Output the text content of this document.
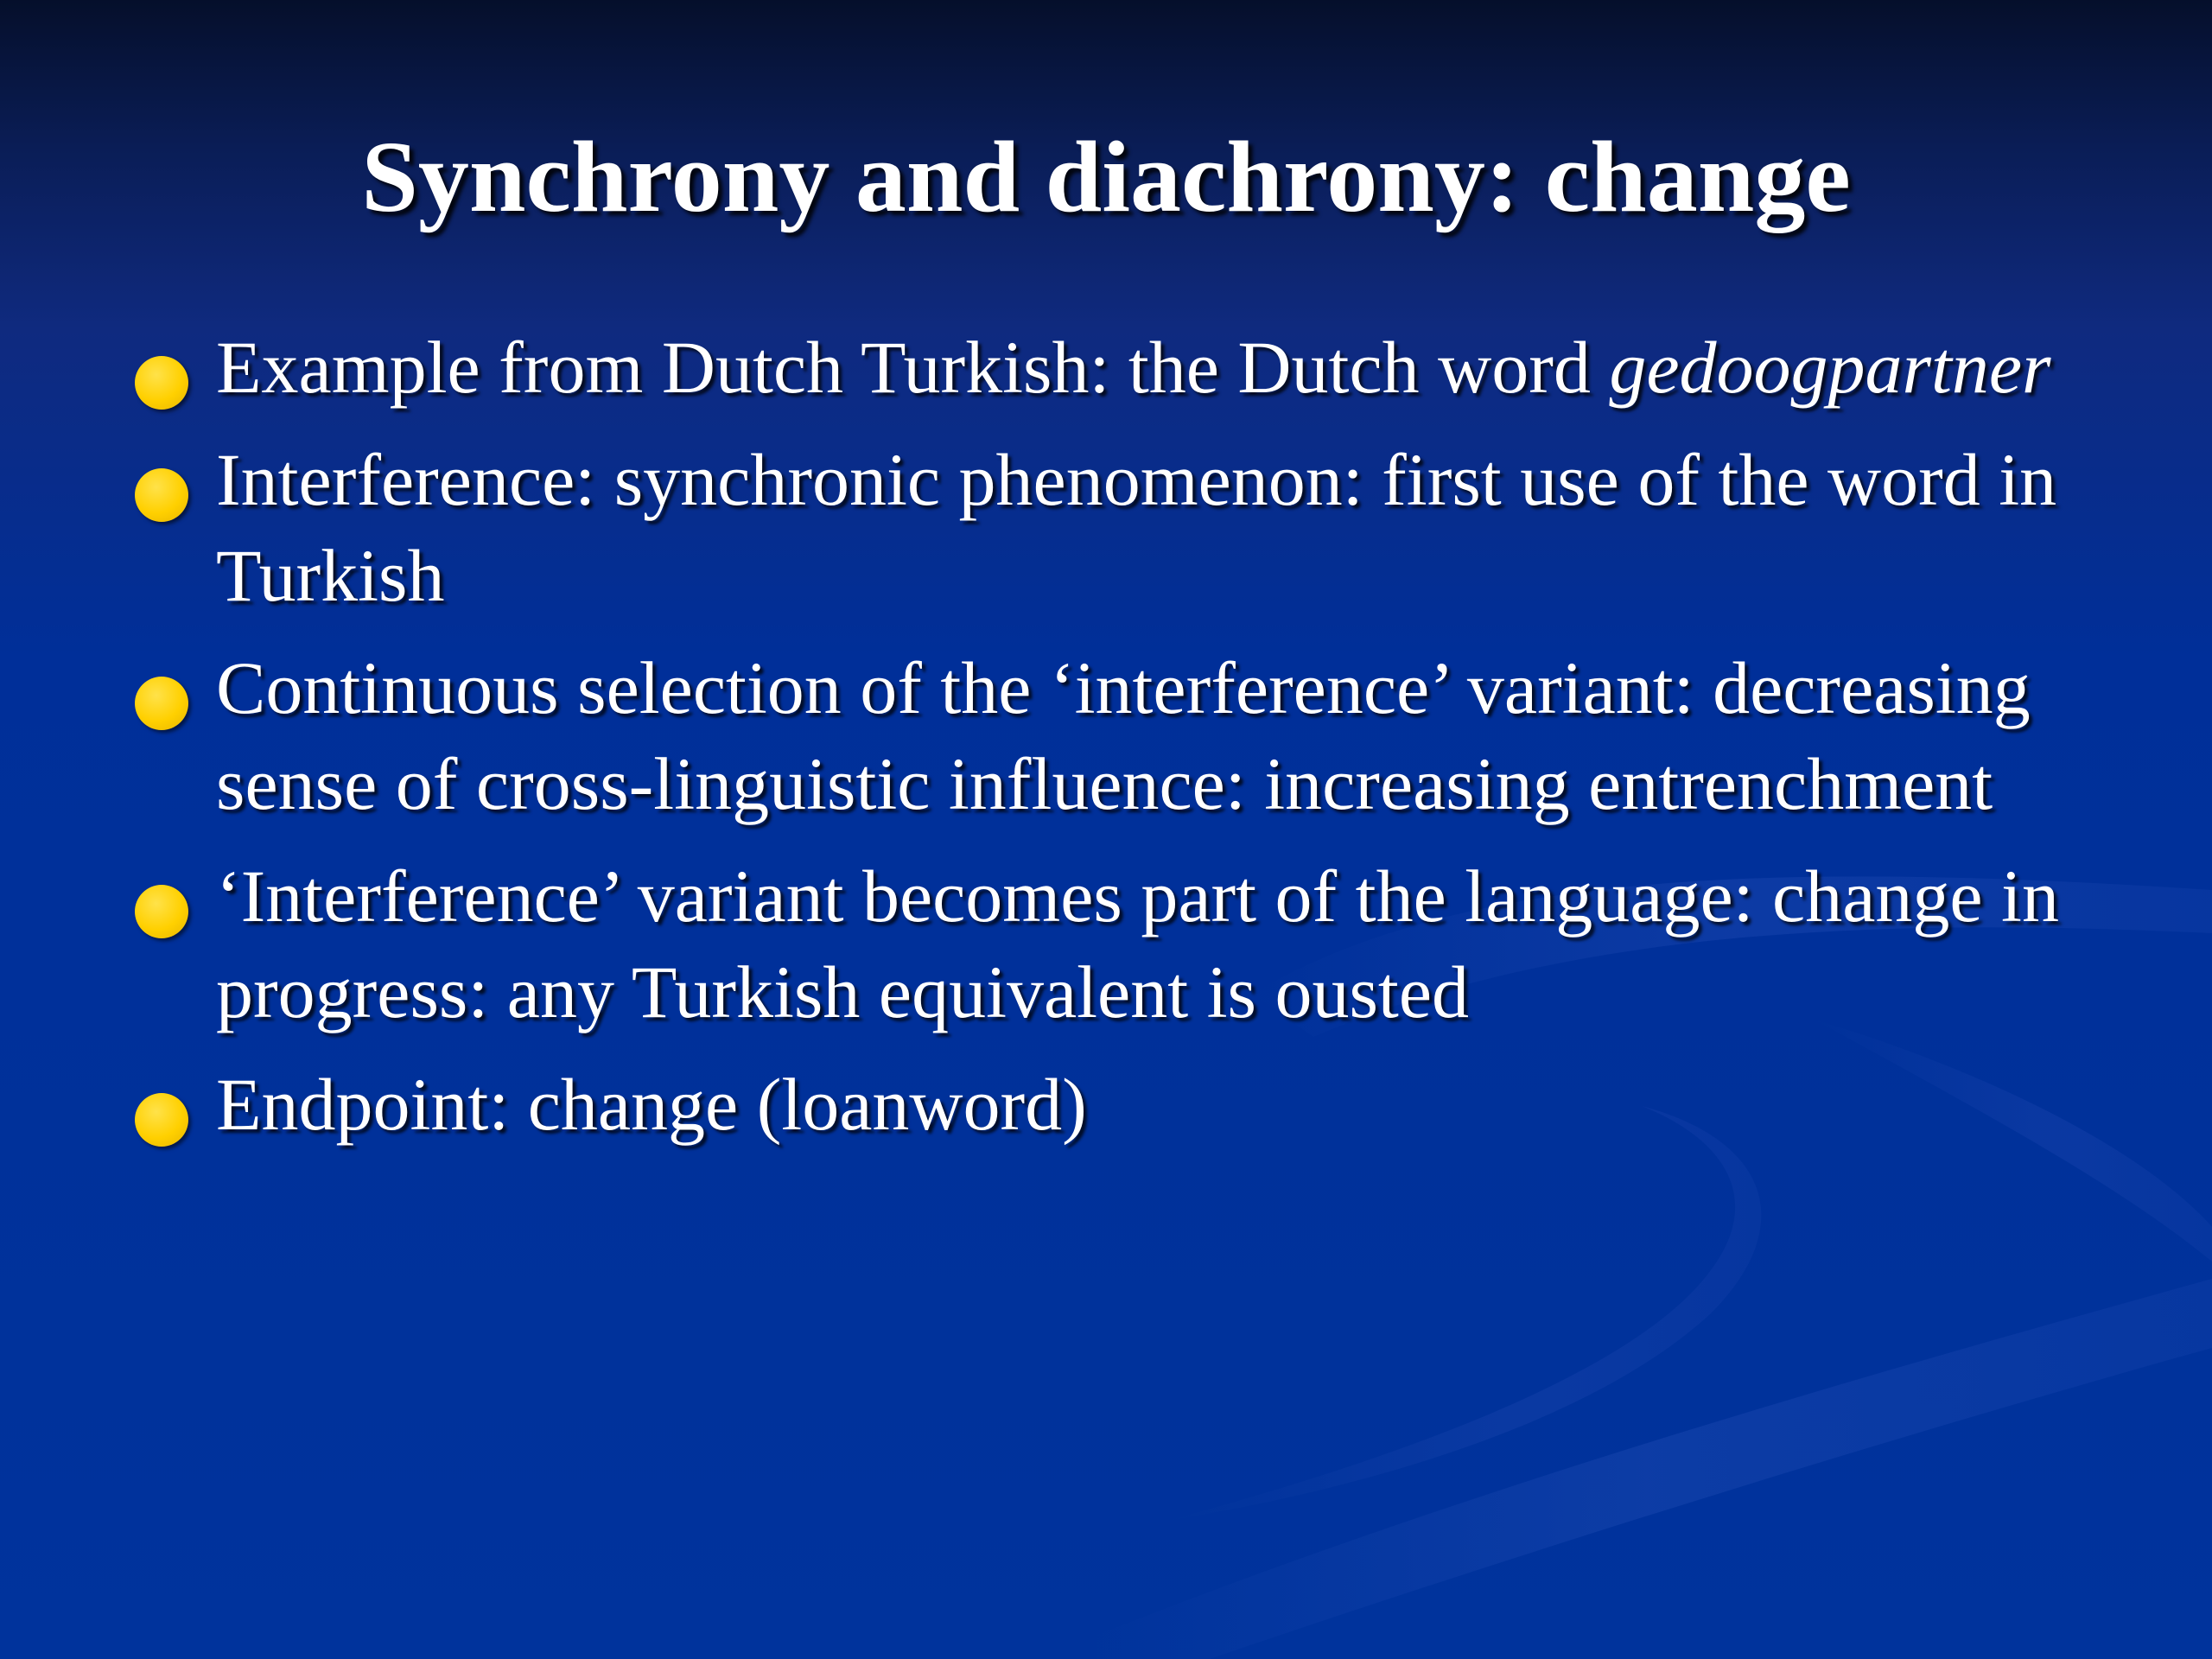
Synchrony and diachrony: change
Example from Dutch Turkish: the Dutch word gedoogpartner
Interference: synchronic phenomenon: first use of the word in Turkish
Continuous selection of the ‘interference’ variant: decreasing sense of cross-linguistic influence: increasing entrenchment
‘Interference’ variant becomes part of the language: change in progress: any Turkish equivalent is ousted
Endpoint: change (loanword)
